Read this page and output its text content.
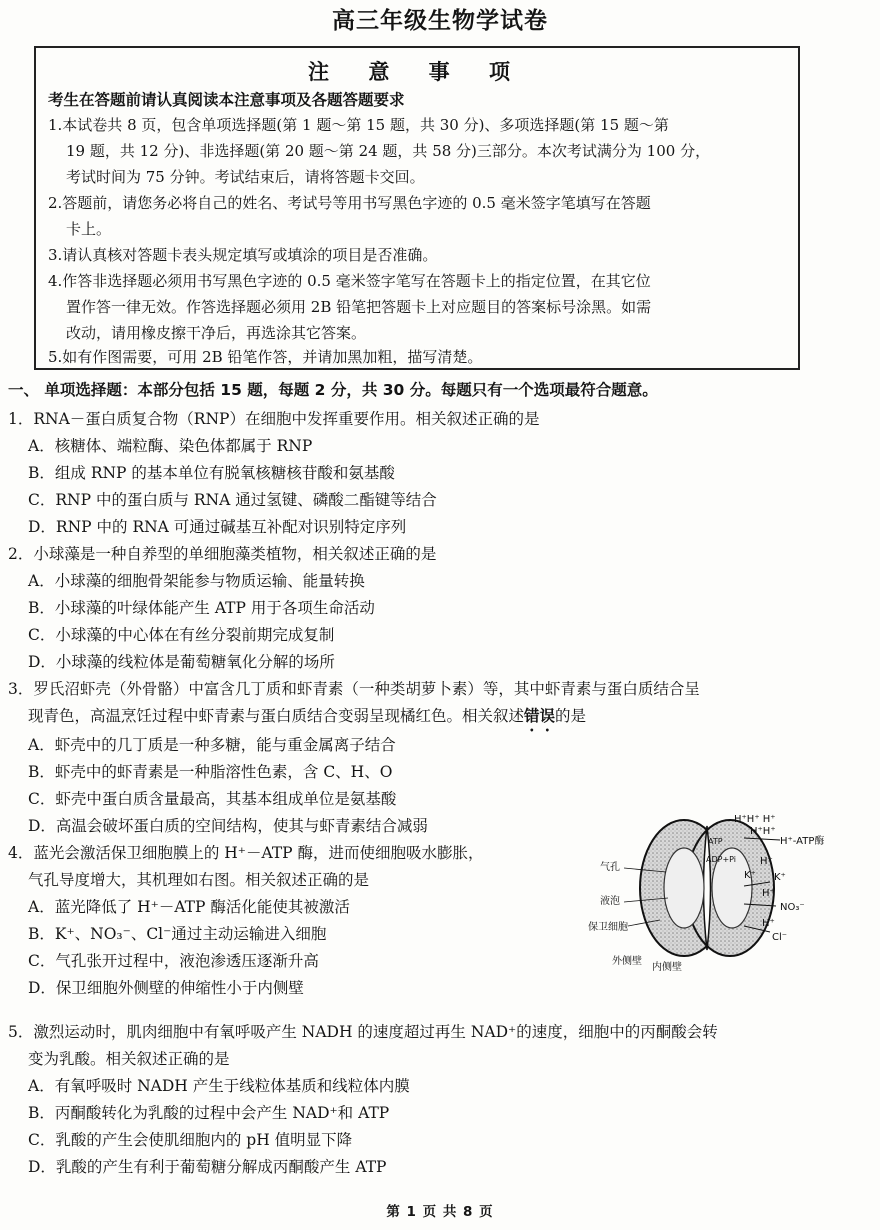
高三年级生物学试卷
注 意 事 项
考生在答题前请认真阅读本注意事项及各题答题要求
1.本试卷共 8 页，包含单项选择题(第 1 题～第 15 题，共 30 分)、多项选择题(第 15 题～第
19 题，共 12 分)、非选择题(第 20 题～第 24 题，共 58 分)三部分。本次考试满分为 100 分，
考试时间为 75 分钟。考试结束后，请将答题卡交回。
2.答题前，请您务必将自己的姓名、考试号等用书写黑色字迹的 0.5 毫米签字笔填写在答题
卡上。
3.请认真核对答题卡表头规定填写或填涂的项目是否准确。
4.作答非选择题必须用书写黑色字迹的 0.5 毫米签字笔写在答题卡上的指定位置，在其它位
置作答一律无效。作答选择题必须用 2B 铅笔把答题卡上对应题目的答案标号涂黑。如需
改动，请用橡皮擦干净后，再选涂其它答案。
5.如有作图需要，可用 2B 铅笔作答，并请加黑加粗，描写清楚。
一、 单项选择题：本部分包括 15 题，每题 2 分，共 30 分。每题只有一个选项最符合题意。
1．RNA－蛋白质复合物（RNP）在细胞中发挥重要作用。相关叙述正确的是
A．核糖体、端粒酶、染色体都属于 RNP
B．组成 RNP 的基本单位有脱氧核糖核苷酸和氨基酸
C．RNP 中的蛋白质与 RNA 通过氢键、磷酸二酯键等结合
D．RNP 中的 RNA 可通过碱基互补配对识别特定序列
2．小球藻是一种自养型的单细胞藻类植物，相关叙述正确的是
A．小球藻的细胞骨架能参与物质运输、能量转换
B．小球藻的叶绿体能产生 ATP 用于各项生命活动
C．小球藻的中心体在有丝分裂前期完成复制
D．小球藻的线粒体是葡萄糖氧化分解的场所
3．罗氏沼虾壳（外骨骼）中富含几丁质和虾青素（一种类胡萝卜素）等，其中虾青素与蛋白质结合呈
现青色，高温烹饪过程中虾青素与蛋白质结合变弱呈现橘红色。相关叙述错误的是
A．虾壳中的几丁质是一种多糖，能与重金属离子结合
B．虾壳中的虾青素是一种脂溶性色素，含 C、H、O
C．虾壳中蛋白质含量最高，其基本组成单位是氨基酸
D．高温会破坏蛋白质的空间结构，使其与虾青素结合减弱
4．蓝光会激活保卫细胞膜上的 H⁺－ATP 酶，进而使细胞吸水膨胀，
气孔导度增大，其机理如右图。相关叙述正确的是
A．蓝光降低了 H⁺－ATP 酶活化能使其被激活
B．K⁺、NO₃⁻、Cl⁻通过主动运输进入细胞
C．气孔张开过程中，液泡渗透压逐渐升高
D．保卫细胞外侧壁的伸缩性小于内侧壁
H⁺H⁺ H⁺
H⁺H⁺
H⁺-ATP酶
ATP
ADP+Pi H⁺
K⁺ K⁺
H⁺
NO₃⁻
H⁺
Cl⁻
气孔
液泡
保卫细胞
外侧壁
内侧壁
5．激烈运动时，肌肉细胞中有氧呼吸产生 NADH 的速度超过再生 NAD⁺的速度，细胞中的丙酮酸会转
变为乳酸。相关叙述正确的是
A．有氧呼吸时 NADH 产生于线粒体基质和线粒体内膜
B．丙酮酸转化为乳酸的过程中会产生 NAD⁺和 ATP
C．乳酸的产生会使肌细胞内的 pH 值明显下降
D．乳酸的产生有利于葡萄糖分解成丙酮酸产生 ATP
第 1 页 共 8 页
